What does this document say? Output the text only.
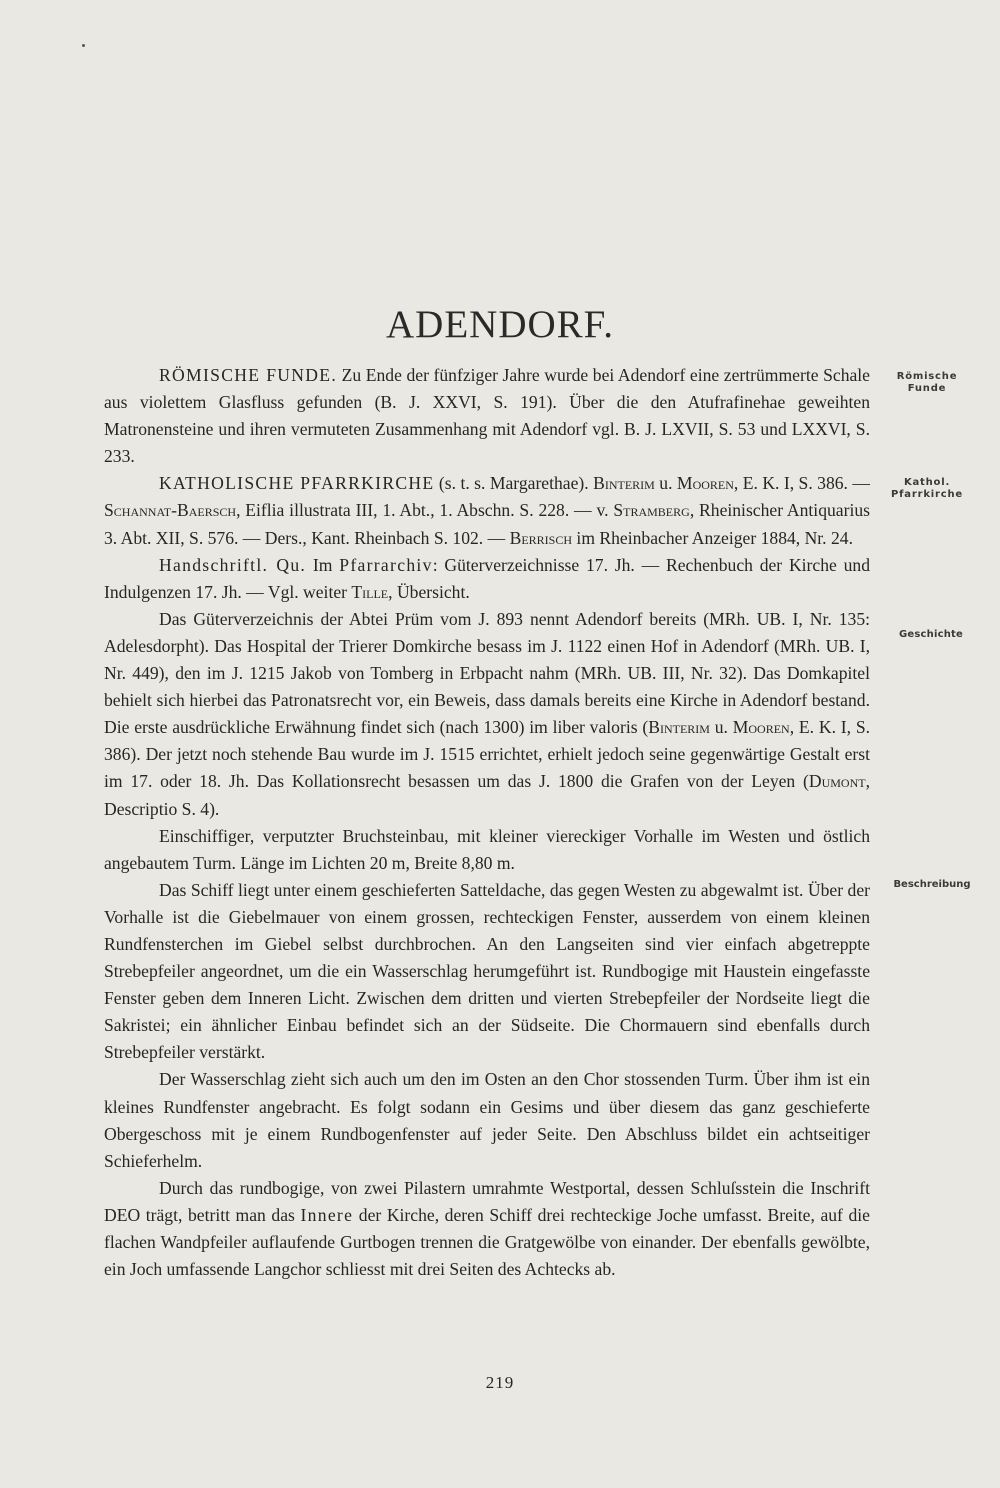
ADENDORF.

RÖMISCHE FUNDE. Zu Ende der fünfziger Jahre wurde bei Adendorf eine zertrümmerte Schale aus violettem Glasfluss gefunden (B. J. XXVI, S. 191). Über die den Atufrafinehae geweihten Matronensteine und ihren vermuteten Zusammenhang mit Adendorf vgl. B. J. LXVII, S. 53 und LXXVI, S. 233.

KATHOLISCHE PFARRKIRCHE (s. t. s. Margarethae). Binterim u. Mooren, E. K. I, S. 386. — Schannat-Baersch, Eiflia illustrata III, 1. Abt., 1. Abschn. S. 228. — v. Stramberg, Rheinischer Antiquarius 3. Abt. XII, S. 576. — Ders., Kant. Rheinbach S. 102. — Berrisch im Rheinbacher Anzeiger 1884, Nr. 24.

Handschriftl. Qu. Im Pfarrarchiv: Güterverzeichnisse 17. Jh. — Rechenbuch der Kirche und Indulgenzen 17. Jh. — Vgl. weiter Tille, Übersicht.

Das Güterverzeichnis der Abtei Prüm vom J. 893 nennt Adendorf bereits (MRh. UB. I, Nr. 135: Adelesdorpht). Das Hospital der Trierer Domkirche besass im J. 1122 einen Hof in Adendorf (MRh. UB. I, Nr. 449), den im J. 1215 Jakob von Tomberg in Erbpacht nahm (MRh. UB. III, Nr. 32). Das Domkapitel behielt sich hierbei das Patronatsrecht vor, ein Beweis, dass damals bereits eine Kirche in Adendorf bestand. Die erste ausdrückliche Erwähnung findet sich (nach 1300) im liber valoris (Binterim u. Mooren, E. K. I, S. 386). Der jetzt noch stehende Bau wurde im J. 1515 errichtet, erhielt jedoch seine gegenwärtige Gestalt erst im 17. oder 18. Jh. Das Kollationsrecht besassen um das J. 1800 die Grafen von der Leyen (Dumont, Descriptio S. 4).

Einschiffiger, verputzter Bruchsteinbau, mit kleiner viereckiger Vorhalle im Westen und östlich angebautem Turm. Länge im Lichten 20 m, Breite 8,80 m.

Das Schiff liegt unter einem geschieferten Satteldache, das gegen Westen zu abgewalmt ist. Über der Vorhalle ist die Giebelmauer von einem grossen, rechteckigen Fenster, ausserdem von einem kleinen Rundfensterchen im Giebel selbst durchbrochen. An den Langseiten sind vier einfach abgetreppte Strebepfeiler angeordnet, um die ein Wasserschlag herumgeführt ist. Rundbogige mit Haustein eingefasste Fenster geben dem Inneren Licht. Zwischen dem dritten und vierten Strebepfeiler der Nordseite liegt die Sakristei; ein ähnlicher Einbau befindet sich an der Südseite. Die Chormauern sind ebenfalls durch Strebepfeiler verstärkt.

Der Wasserschlag zieht sich auch um den im Osten an den Chor stossenden Turm. Über ihm ist ein kleines Rundfenster angebracht. Es folgt sodann ein Gesims und über diesem das ganz geschieferte Obergeschoss mit je einem Rundbogenfenster auf jeder Seite. Den Abschluss bildet ein achtseitiger Schieferhelm.

Durch das rundbogige, von zwei Pilastern umrahmte Westportal, dessen Schluſsstein die Inschrift DEO trägt, betritt man das Innere der Kirche, deren Schiff drei rechteckige Joche umfasst. Breite, auf die flachen Wandpfeiler auflaufende Gurtbogen trennen die Gratgewölbe von einander. Der ebenfalls gewölbte, ein Joch umfassende Langchor schliesst mit drei Seiten des Achtecks ab.

Römische
Funde
Kathol.
Pfarrkirche
Geschichte
Beschreibung
219
